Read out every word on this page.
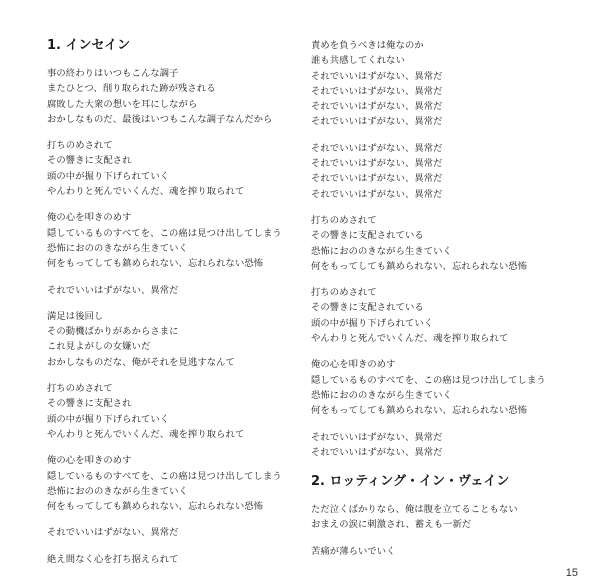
1. インセイン
事の終わりはいつもこんな調子
またひとつ、削り取られた跡が残される
腐敗した大衆の想いを耳にしながら
おかしなものだ、最後はいつもこんな調子なんだから
打ちのめされて
その響きに支配され
頭の中が掘り下げられていく
やんわりと死んでいくんだ、魂を搾り取られて
俺の心を叩きのめす
隠しているものすべてを、この癌は見つけ出してしまう
恐怖におののきながら生きていく
何をもってしても鎮められない、忘れられない恐怖
それでいいはずがない、異常だ
満足は後回し
その動機ばかりがあからさまに
これ見よがしの女嫌いだ
おかしなものだな、俺がそれを見逃すなんて
打ちのめされて
その響きに支配され
頭の中が掘り下げられていく
やんわりと死んでいくんだ、魂を搾り取られて
俺の心を叩きのめす
隠しているものすべてを、この癌は見つけ出してしまう
恐怖におののきながら生きていく
何をもってしても鎮められない、忘れられない恐怖
それでいいはずがない、異常だ
絶え間なく心を打ち据えられて
責めを負うべきは俺なのか
誰も共感してくれない
それでいいはずがない、異常だ
それでいいはずがない、異常だ
それでいいはずがない、異常だ
それでいいはずがない、異常だ
それでいいはずがない、異常だ
それでいいはずがない、異常だ
それでいいはずがない、異常だ
それでいいはずがない、異常だ
打ちのめされて
その響きに支配されている
恐怖におののきながら生きていく
何をもってしても鎮められない、忘れられない恐怖
打ちのめされて
その響きに支配されている
頭の中が掘り下げられていく
やんわりと死んでいくんだ、魂を搾り取られて
俺の心を叩きのめす
隠しているものすべてを、この癌は見つけ出してしまう
恐怖におののきながら生きていく
何をもってしても鎮められない、忘れられない恐怖
それでいいはずがない、異常だ
それでいいはずがない、異常だ
2. ロッティング・イン・ヴェイン
ただ泣くばかりなら、俺は腹を立てることもない
おまえの涙に刺激され、蓄えも一新だ
苦痛が薄らいでいく
15
